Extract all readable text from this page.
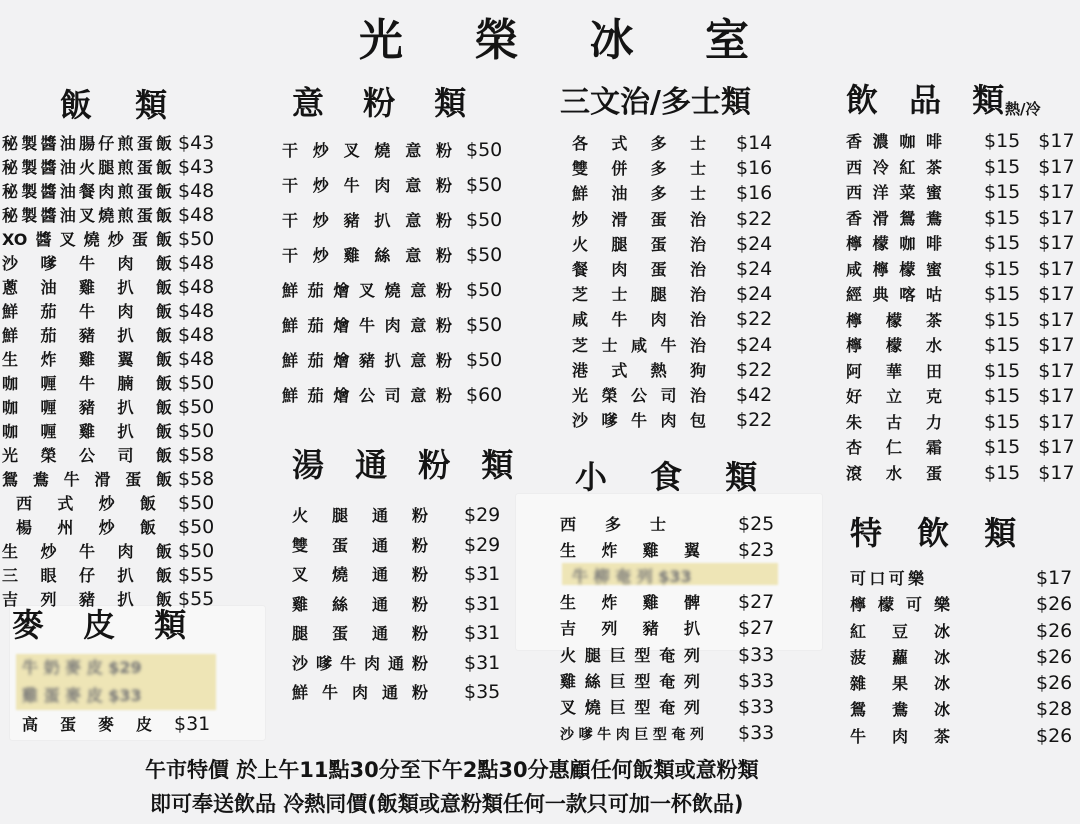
光 榮 冰 室
飯 類	意 粉 類	三文治/多士類	飲 品 類
熱/冷
湯 通 粉 類 小 食 類
特 飲 類
麥 皮 類
牛 柳 奄 列 $33
牛 奶 麥 皮 $29
雞 蛋 麥 皮 $33
秘製醬油腸仔煎蛋飯 $43
秘製醬油火腿煎蛋飯 $43
秘製醬油餐肉煎蛋飯 $48
秘製醬油叉燒煎蛋飯 $48
XO醬叉燒炒蛋飯 $50
沙嗲牛肉飯 $48
蔥油雞扒飯 $48
鮮茄牛肉飯 $48
鮮茄豬扒飯 $48
生炸雞翼飯 $48
咖喱牛腩飯 $50
咖喱豬扒飯 $50
咖喱雞扒飯 $50
光榮公司飯 $58
鴛鴦牛滑蛋飯 $58
西式炒飯 $50
楊州炒飯 $50
生炒牛肉飯 $50
三眼仔扒飯 $55
吉列豬扒飯 $55
干炒叉燒意粉 $50
干炒牛肉意粉 $50
干炒豬扒意粉 $50
干炒雞絲意粉 $50
鮮茄燴叉燒意粉 $50
鮮茄燴牛肉意粉 $50
鮮茄燴豬扒意粉 $50
鮮茄燴公司意粉 $60
火腿通粉 $29
雙蛋通粉 $29
叉燒通粉 $31
雞絲通粉 $31
腿蛋通粉 $31
沙嗲牛肉通粉 $31
鮮牛肉通粉 $35
高蛋麥皮 $31
各式多士 $14
雙併多士 $16
鮮油多士 $16
炒滑蛋治 $22
火腿蛋治 $24
餐肉蛋治 $24
芝士腿治 $24
咸牛肉治 $22
芝士咸牛治 $24
港式熱狗 $22
光榮公司治 $42
沙嗲牛肉包 $22
西多士	$25
生炸雞翼 $23
生炸雞髀 $27
吉列豬扒 $27
火腿巨型奄列 $33
雞絲巨型奄列 $33
叉燒巨型奄列 $33
沙嗲牛肉巨型奄列 $33
香濃咖啡 $15 $17
西冷紅茶 $15 $17
西洋菜蜜 $15 $17
香滑鴛鴦 $15 $17
檸檬咖啡 $15 $17
咸檸檬蜜 $15 $17
經典喀咕 $15 $17
檸檬茶 $15 $17
檸檬水 $15 $17
阿華田 $15 $17
好立克 $15 $17
朱古力 $15 $17
杏仁霜 $15 $17
滾水蛋 $15 $17
可口可樂	$17
檸檬可樂	$26
紅豆冰	$26
菠蘿冰	$26
雜果冰	$26
鴛鴦冰	$28
牛肉茶	$26
午市特價 於上午11點30分至下午2點30分惠顧任何飯類或意粉類
即可奉送飲品 冷熱同價(飯類或意粉類任何一款只可加一杯飲品)
